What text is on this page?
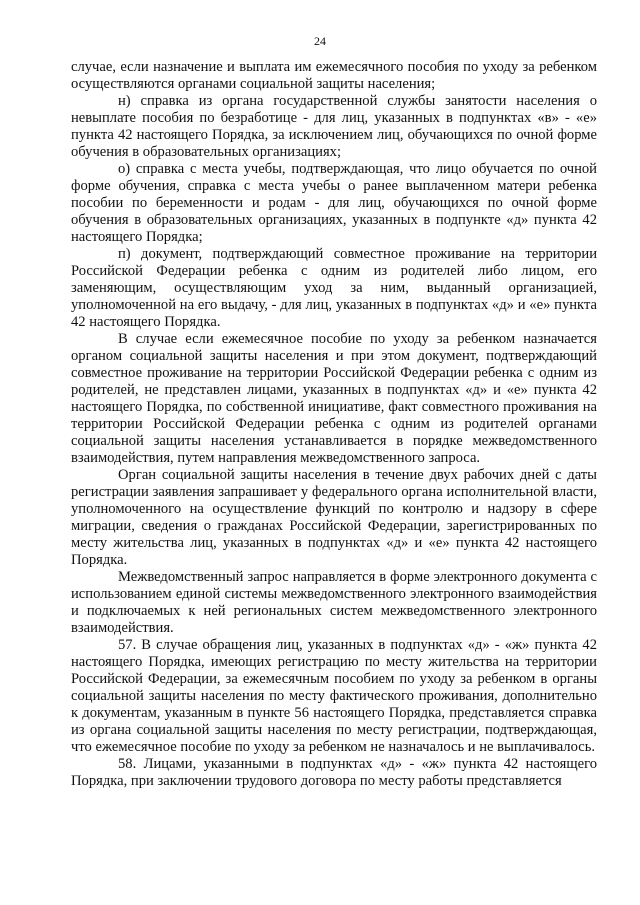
24

случае, если назначение и выплата им ежемесячного пособия по уходу за ребенком осуществляются органами социальной защиты населения;

н) справка из органа государственной службы занятости населения о невыплате пособия по безработице - для лиц, указанных в подпунктах «в» - «е» пункта 42 настоящего Порядка, за исключением лиц, обучающихся по очной форме обучения в образовательных организациях;

о) справка с места учебы, подтверждающая, что лицо обучается по очной форме обучения, справка с места учебы о ранее выплаченном матери ребенка пособии по беременности и родам - для лиц, обучающихся по очной форме обучения в образовательных организациях, указанных в подпункте «д» пункта 42 настоящего Порядка;

п) документ, подтверждающий совместное проживание на территории Российской Федерации ребенка с одним из родителей либо лицом, его заменяющим, осуществляющим уход за ним, выданный организацией, уполномоченной на его выдачу, - для лиц, указанных в подпунктах «д» и «е» пункта 42 настоящего Порядка.

В случае если ежемесячное пособие по уходу за ребенком назначается органом социальной защиты населения и при этом документ, подтверждающий совместное проживание на территории Российской Федерации ребенка с одним из родителей, не представлен лицами, указанных в подпунктах «д» и «е» пункта 42 настоящего Порядка, по собственной инициативе, факт совместного проживания на территории Российской Федерации ребенка с одним из родителей органами социальной защиты населения устанавливается в порядке межведомственного взаимодействия, путем направления межведомственного запроса.

Орган социальной защиты населения в течение двух рабочих дней с даты регистрации заявления запрашивает у федерального органа исполнительной власти, уполномоченного на осуществление функций по контролю и надзору в сфере миграции, сведения о гражданах Российской Федерации, зарегистрированных по месту жительства лиц, указанных в подпунктах «д» и «е» пункта 42 настоящего Порядка.

Межведомственный запрос направляется в форме электронного документа с использованием единой системы межведомственного электронного взаимодействия и подключаемых к ней региональных систем межведомственного электронного взаимодействия.

57. В случае обращения лиц, указанных в подпунктах «д» - «ж» пункта 42 настоящего Порядка, имеющих регистрацию по месту жительства на территории Российской Федерации, за ежемесячным пособием по уходу за ребенком в органы социальной защиты населения по месту фактического проживания, дополнительно к документам, указанным в пункте 56 настоящего Порядка, представляется справка из органа социальной защиты населения по месту регистрации, подтверждающая, что ежемесячное пособие по уходу за ребенком не назначалось и не выплачивалось.

58. Лицами, указанными в подпунктах «д» - «ж» пункта 42 настоящего Порядка, при заключении трудового договора по месту работы представляется
